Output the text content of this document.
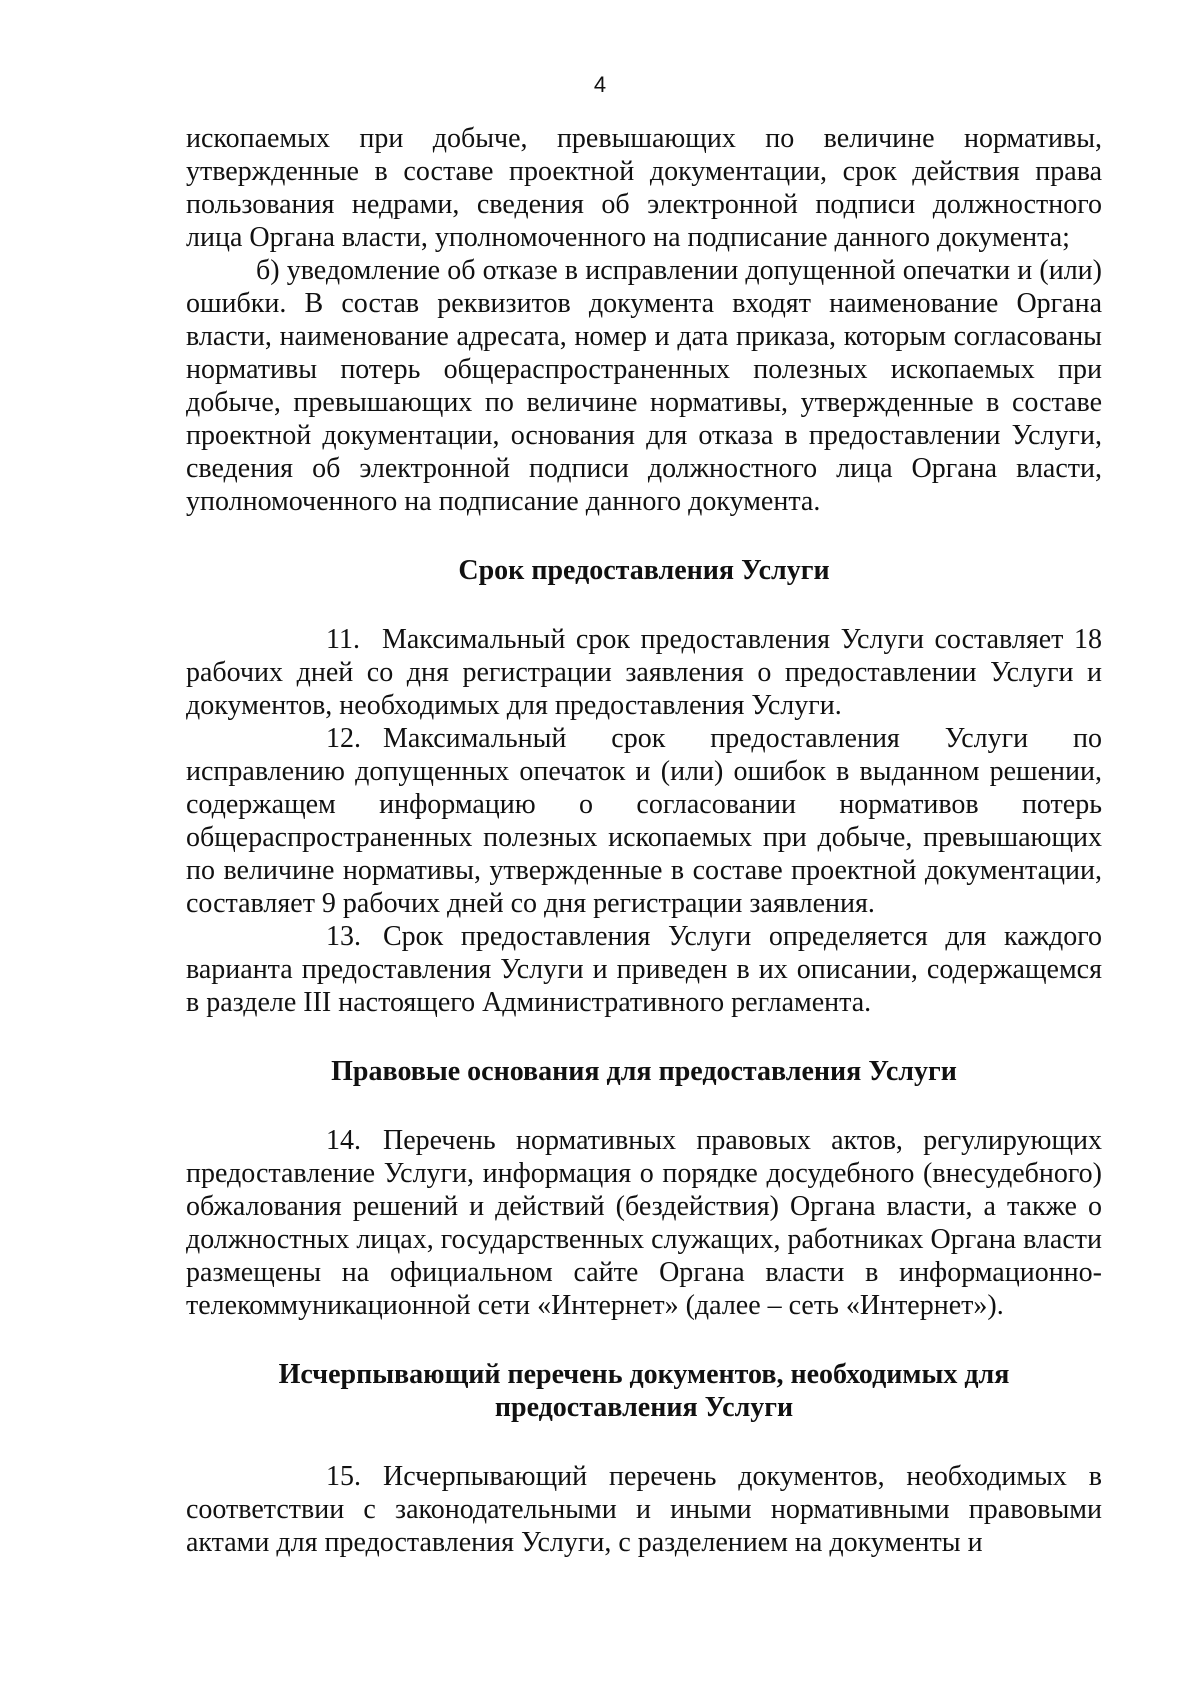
4

ископаемых при добыче, превышающих по величине нормативы, утвержденные в составе проектной документации, срок действия права пользования недрами, сведения об электронной подписи должностного лица Органа власти, уполномоченного на подписание данного документа;

б) уведомление об отказе в исправлении допущенной опечатки и (или) ошибки. В состав реквизитов документа входят наименование Органа власти, наименование адресата, номер и дата приказа, которым согласованы нормативы потерь общераспространенных полезных ископаемых при добыче, превышающих по величине нормативы, утвержденные в составе проектной документации, основания для отказа в предоставлении Услуги, сведения об электронной подписи должностного лица Органа власти, уполномоченного на подписание данного документа.

Срок предоставления Услуги

11. Максимальный срок предоставления Услуги составляет 18 рабочих дней со дня регистрации заявления о предоставлении Услуги и документов, необходимых для предоставления Услуги.

12. Максимальный срок предоставления Услуги по исправлению допущенных опечаток и (или) ошибок в выданном решении, содержащем информацию о согласовании нормативов потерь общераспространенных полезных ископаемых при добыче, превышающих по величине нормативы, утвержденные в составе проектной документации, составляет 9 рабочих дней со дня регистрации заявления.

13. Срок предоставления Услуги определяется для каждого варианта предоставления Услуги и приведен в их описании, содержащемся в разделе III настоящего Административного регламента.

Правовые основания для предоставления Услуги

14. Перечень нормативных правовых актов, регулирующих предоставление Услуги, информация о порядке досудебного (внесудебного) обжалования решений и действий (бездействия) Органа власти, а также о должностных лицах, государственных служащих, работниках Органа власти размещены на официальном сайте Органа власти в информационно-телекоммуникационной сети «Интернет» (далее – сеть «Интернет»).

Исчерпывающий перечень документов, необходимых для
предоставления Услуги

15. Исчерпывающий перечень документов, необходимых в соответствии с законодательными и иными нормативными правовыми актами для предоставления Услуги, с разделением на документы и
